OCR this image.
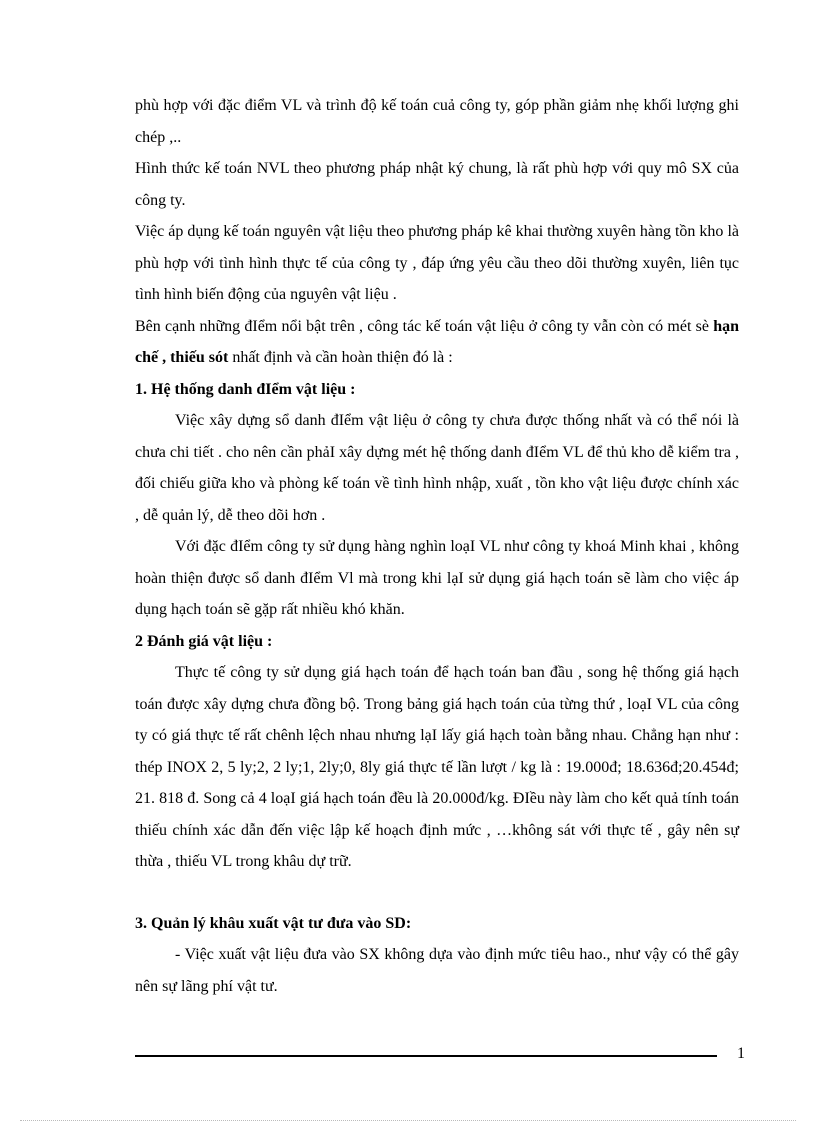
phù hợp với đặc điểm VL và trình độ kế toán cuả công ty, góp phần giảm nhẹ khối lượng ghi chép ,..

Hình thức kế toán NVL theo phương pháp nhật ký chung, là rất phù hợp với quy mô SX của công ty.

Việc áp dụng kế toán nguyên vật liệu theo phương pháp kê khai thường xuyên hàng tồn kho là phù hợp với tình hình thực tế của công ty , đáp ứng yêu cầu theo dõi thường xuyên, liên tục tình hình biến động của nguyên vật liệu .

Bên cạnh những đIểm nổi bật trên , công tác kế toán vật liệu ở công ty vẫn còn có mét sè hạn chế , thiếu sót nhất định và cần hoàn thiện đó là :

1. Hệ thống danh đIểm vật liệu :

Việc xây dựng sổ danh đIểm vật liệu ở công ty chưa được thống nhất và có thể nói là chưa chi tiết . cho nên cần phảI xây dựng mét hệ thống danh đIểm VL để thủ kho dễ kiểm tra , đối chiếu giữa kho và phòng kế toán về tình hình nhập, xuất , tồn kho vật liệu được chính xác , dễ quản lý, dễ theo dõi hơn .

Với đặc đIểm công ty sử dụng hàng nghìn loạI VL như công ty khoá Minh khai , không hoàn thiện được sổ danh đIểm Vl mà trong khi lạI sử dụng giá hạch toán sẽ làm cho việc áp dụng hạch toán sẽ gặp rất nhiều khó khăn.

2 Đánh giá vật liệu :

Thực tế công ty sử dụng giá hạch toán để hạch toán ban đầu , song hệ thống giá hạch toán được xây dựng chưa đồng bộ. Trong bảng giá hạch toán của từng thứ , loạI VL của công ty có giá thực tế rất chênh lệch nhau nhưng lạI lấy giá hạch toàn bằng nhau. Chẳng hạn như : thép INOX 2, 5 ly;2, 2 ly;1, 2ly;0, 8ly giá thực tế lần lượt / kg là : 19.000đ; 18.636đ;20.454đ; 21. 818 đ. Song cả 4 loạI giá hạch toán đều là 20.000đ/kg. ĐIều này làm cho kết quả tính toán thiếu chính xác dẫn đến việc lập kế hoạch định mức , …không sát với thực tế , gây nên sự thừa , thiếu VL trong khâu dự trữ.

3. Quản lý khâu xuất vật tư đưa vào SD:

- Việc xuất vật liệu đưa vào SX không dựa vào định mức tiêu hao., như vậy có thể gây nên sự lãng phí vật tư.

1
